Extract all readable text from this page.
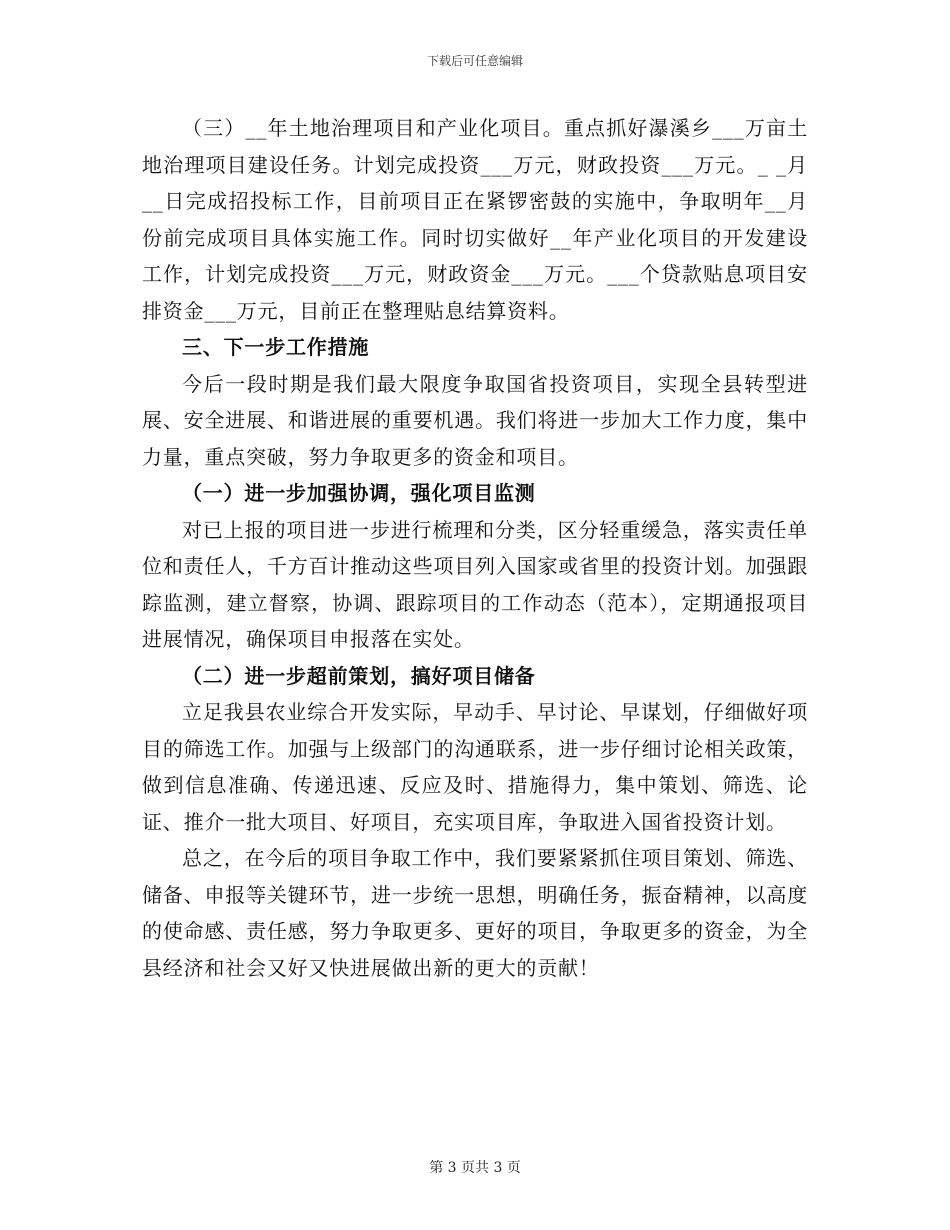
下载后可任意编辑

（三）__年土地治理项目和产业化项目。重点抓好瀑溪乡___万亩土地治理项目建设任务。计划完成投资___万元，财政投资___万元。_ _月__日完成招投标工作，目前项目正在紧锣密鼓的实施中，争取明年__月份前完成项目具体实施工作。同时切实做好__年产业化项目的开发建设工作，计划完成投资___万元，财政资金___万元。___个贷款贴息项目安排资金___万元，目前正在整理贴息结算资料。

三、下一步工作措施

今后一段时期是我们最大限度争取国省投资项目，实现全县转型进展、安全进展、和谐进展的重要机遇。我们将进一步加大工作力度，集中力量，重点突破，努力争取更多的资金和项目。

（一）进一步加强协调，强化项目监测

对已上报的项目进一步进行梳理和分类，区分轻重缓急，落实责任单位和责任人，千方百计推动这些项目列入国家或省里的投资计划。加强跟踪监测，建立督察，协调、跟踪项目的工作动态（范本），定期通报项目进展情况，确保项目申报落在实处。

（二）进一步超前策划，搞好项目储备

立足我县农业综合开发实际，早动手、早讨论、早谋划，仔细做好项目的筛选工作。加强与上级部门的沟通联系，进一步仔细讨论相关政策，做到信息准确、传递迅速、反应及时、措施得力，集中策划、筛选、论证、推介一批大项目、好项目，充实项目库，争取进入国省投资计划。

总之，在今后的项目争取工作中，我们要紧紧抓住项目策划、筛选、储备、申报等关键环节，进一步统一思想，明确任务，振奋精神，以高度的使命感、责任感，努力争取更多、更好的项目，争取更多的资金，为全县经济和社会又好又快进展做出新的更大的贡献！

第 3 页共 3 页
